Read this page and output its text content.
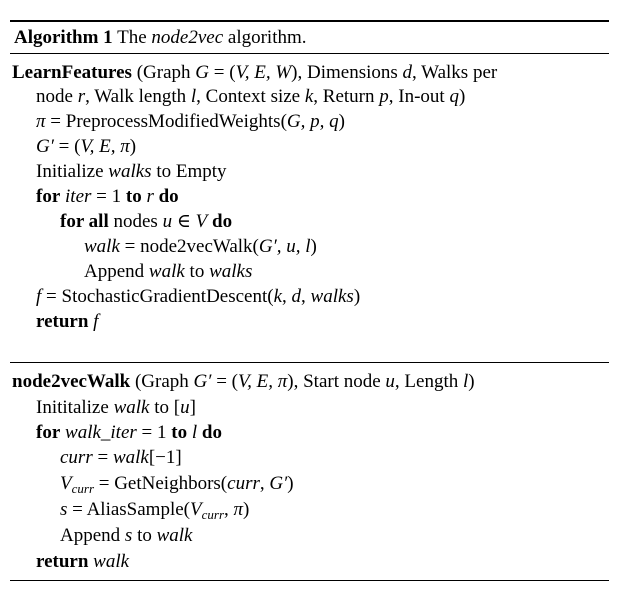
Algorithm 1 The node2vec algorithm.
LearnFeatures (Graph G = (V, E, W), Dimensions d, Walks per
node r, Walk length l, Context size k, Return p, In-out q)
π = PreprocessModifiedWeights(G, p, q)
G′ = (V, E, π)
Initialize walks to Empty
for iter = 1 to r do
for all nodes u ∈ V do
walk = node2vecWalk(G′, u, l)
Append walk to walks
f = StochasticGradientDescent(k, d, walks)
return f
node2vecWalk (Graph G′ = (V, E, π), Start node u, Length l)
Inititalize walk to [u]
for walk_iter = 1 to l do
curr = walk[−1]
$V_{curr}$ = GetNeighbors(curr, G′)
$s = AliasSample(V_{curr}$, π)
Append s to walk
return walk
